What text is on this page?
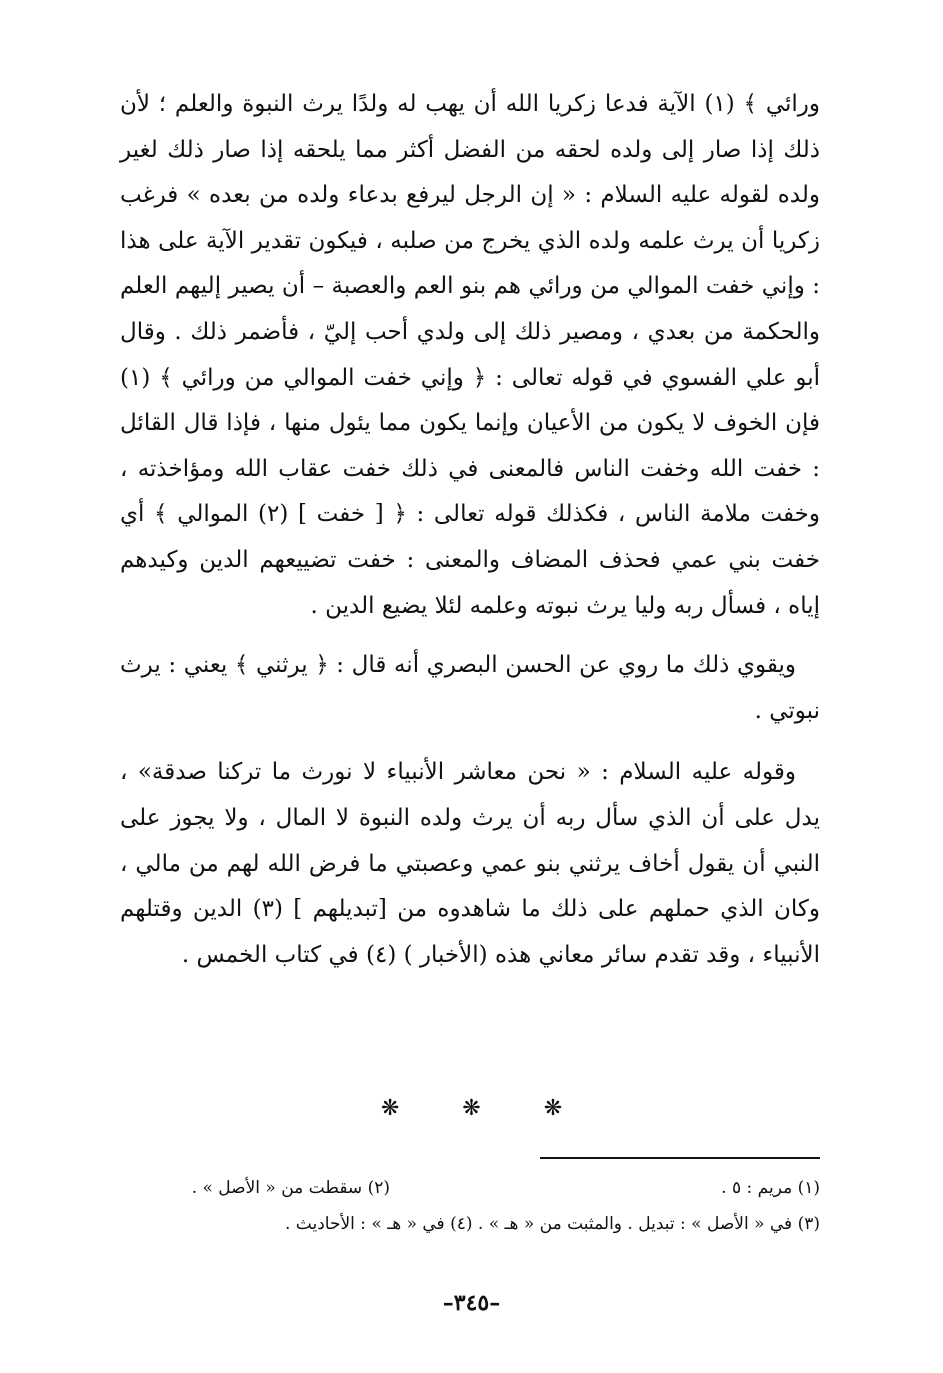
ورائي ﴾ (١) الآية فدعا زكريا الله أن يهب له ولدًا يرث النبوة والعلم ؛ لأن ذلك إذا صار إلى ولده لحقه من الفضل أكثر مما يلحقه إذا صار ذلك لغير ولده لقوله عليه السلام : « إن الرجل ليرفع بدعاء ولده من بعده » فرغب زكريا أن يرث علمه ولده الذي يخرج من صلبه ، فيكون تقدير الآية على هذا : وإني خفت الموالي من ورائي هم بنو العم والعصبة – أن يصير إليهم العلم والحكمة من بعدي ، ومصير ذلك إلى ولدي أحب إليّ ، فأضمر ذلك . وقال أبو علي الفسوي في قوله تعالى : ﴿ وإني خفت الموالي من ورائي ﴾ (١) فإن الخوف لا يكون من الأعيان وإنما يكون مما يئول منها ، فإذا قال القائل : خفت الله وخفت الناس فالمعنى في ذلك خفت عقاب الله ومؤاخذته ، وخفت ملامة الناس ، فكذلك قوله تعالى : ﴿ [ خفت ] (٢) الموالي ﴾ أي خفت بني عمي فحذف المضاف والمعنى : خفت تضييعهم الدين وكيدهم إياه ، فسأل ربه وليا يرث نبوته وعلمه لئلا يضيع الدين .

ويقوي ذلك ما روي عن الحسن البصري أنه قال : ﴿ يرثني ﴾ يعني : يرث نبوتي .

وقوله عليه السلام : « نحن معاشر الأنبياء لا نورث ما تركنا صدقة» ، يدل على أن الذي سأل ربه أن يرث ولده النبوة لا المال ، ولا يجوز على النبي أن يقول أخاف يرثني بنو عمي وعصبتي ما فرض الله لهم من مالي ، وكان الذي حملهم على ذلك ما شاهدوه من [تبديلهم ] (٣) الدين وقتلهم الأنبياء ، وقد تقدم سائر معاني هذه (الأخبار ) (٤) في كتاب الخمس .

❋ ❋ ❋
(١) مريم : ٥ .
(٢) سقطت من « الأصل » .
(٣) في « الأصل » : تبديل . والمثبت من « هـ » . (٤) في « هـ » : الأحاديث .
–٣٤٥–
